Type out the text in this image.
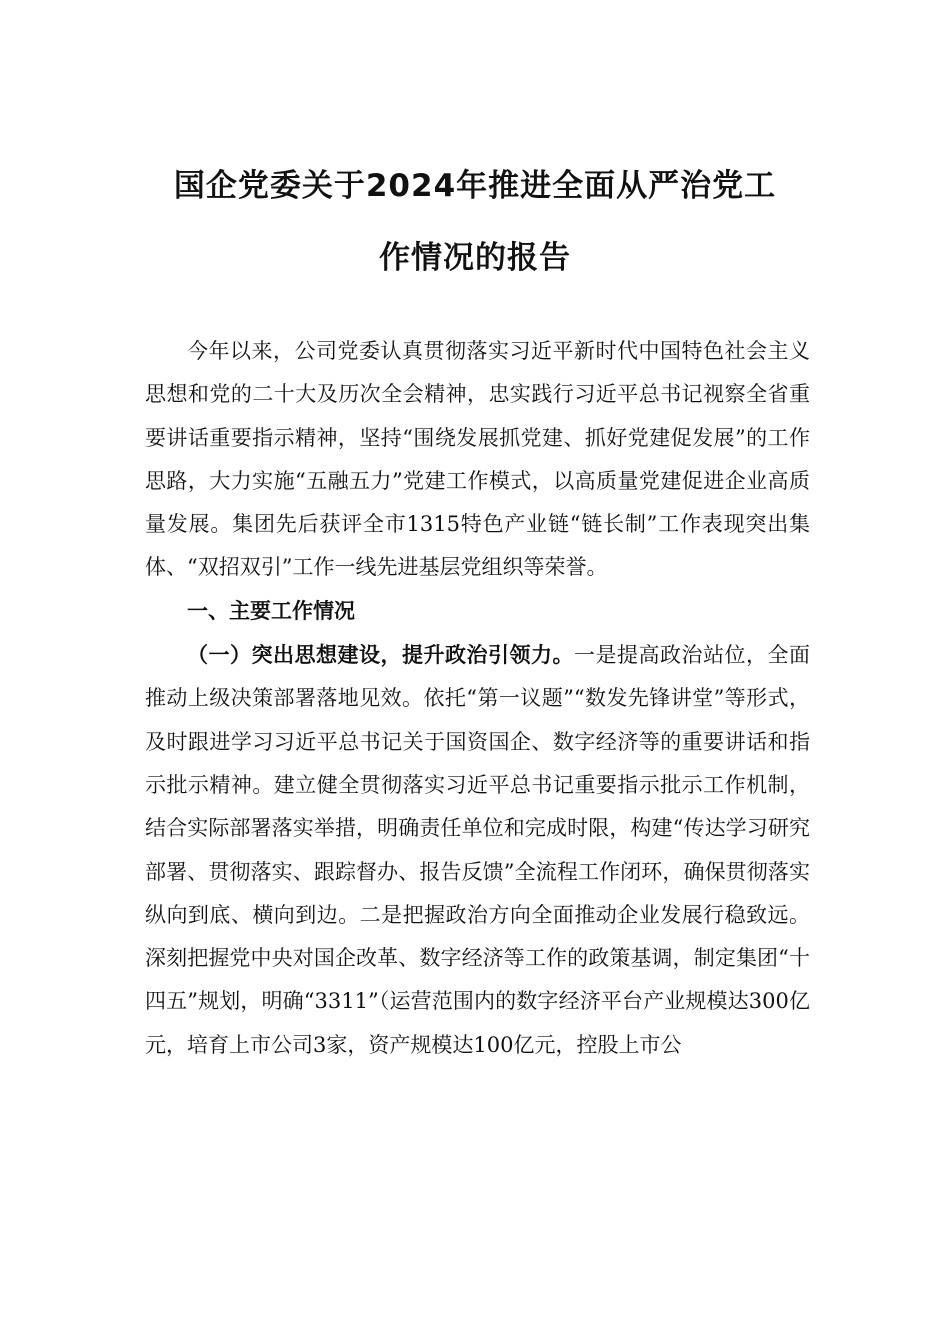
国企党委关于2024年推进全面从严治党工
作情况的报告

今年以来，公司党委认真贯彻落实习近平新时代中国特色社会主义思想和党的二十大及历次全会精神，忠实践行习近平总书记视察全省重要讲话重要指示精神，坚持“围绕发展抓党建、抓好党建促发展”的工作思路，大力实施“五融五力”党建工作模式，以高质量党建促进企业高质量发展。集团先后获评全市1315特色产业链“链长制”工作表现突出集体、“双招双引”工作一线先进基层党组织等荣誉。

一、主要工作情况

（一）突出思想建设，提升政治引领力。一是提高政治站位，全面推动上级决策部署落地见效。依托“第一议题”“数发先锋讲堂”等形式，及时跟进学习习近平总书记关于国资国企、数字经济等的重要讲话和指示批示精神。建立健全贯彻落实习近平总书记重要指示批示工作机制，结合实际部署落实举措，明确责任单位和完成时限，构建“传达学习研究部署、贯彻落实、跟踪督办、报告反馈”全流程工作闭环，确保贯彻落实纵向到底、横向到边。二是把握政治方向全面推动企业发展行稳致远。深刻把握党中央对国企改革、数字经济等工作的政策基调，制定集团“十四五”规划，明确“3311”（运营范围内的数字经济平台产业规模达300亿元，培育上市公司3家，资产规模达100亿元，控股上市公
